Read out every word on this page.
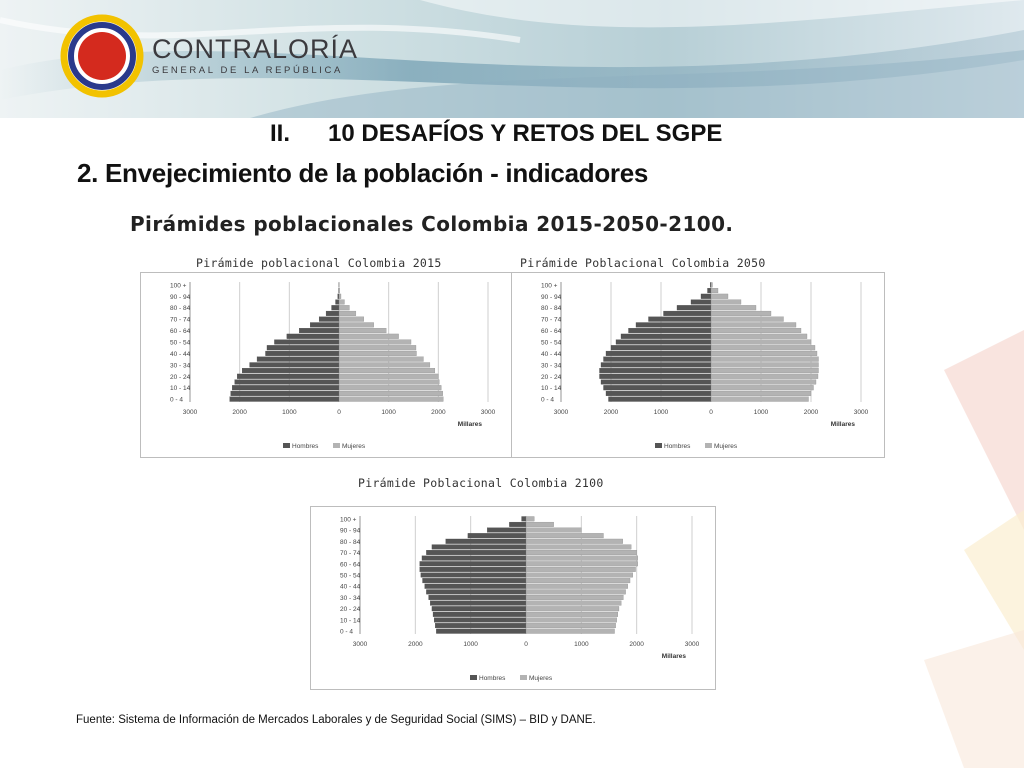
CONTRALORÍA
GENERAL DE LA REPÚBLICA
II. 10 DESAFÍOS Y RETOS DEL SGPE
2. Envejecimiento de la población - indicadores
Pirámides poblacionales Colombia 2015-2050-2100.
Pirámide poblacional Colombia 2015
3000	2000	1000	0	1000	2000	3000
0 - 4
10 - 14
20 - 24
30 - 34
40 - 44
50 - 54
60 - 64
70 - 74
80 - 84
90 - 94
100 +
Millares
Hombres	Mujeres
Pirámide Poblacional Colombia 2050
3000	2000	1000	0	1000	2000	3000
0 - 4
10 - 14
20 - 24
30 - 34
40 - 44
50 - 54
60 - 64
70 - 74
80 - 84
90 - 94
100 +
Millares
Hombres	Mujeres
Pirámide Poblacional Colombia 2100
3000	2000	1000	0	1000	2000	3000
0 - 4
10 - 14
20 - 24
30 - 34
40 - 44
50 - 54
60 - 64
70 - 74
80 - 84
90 - 94
100 +
Millares
Hombres	Mujeres
Fuente: Sistema de Información de Mercados Laborales y de Seguridad Social (SIMS) – BID y DANE.
